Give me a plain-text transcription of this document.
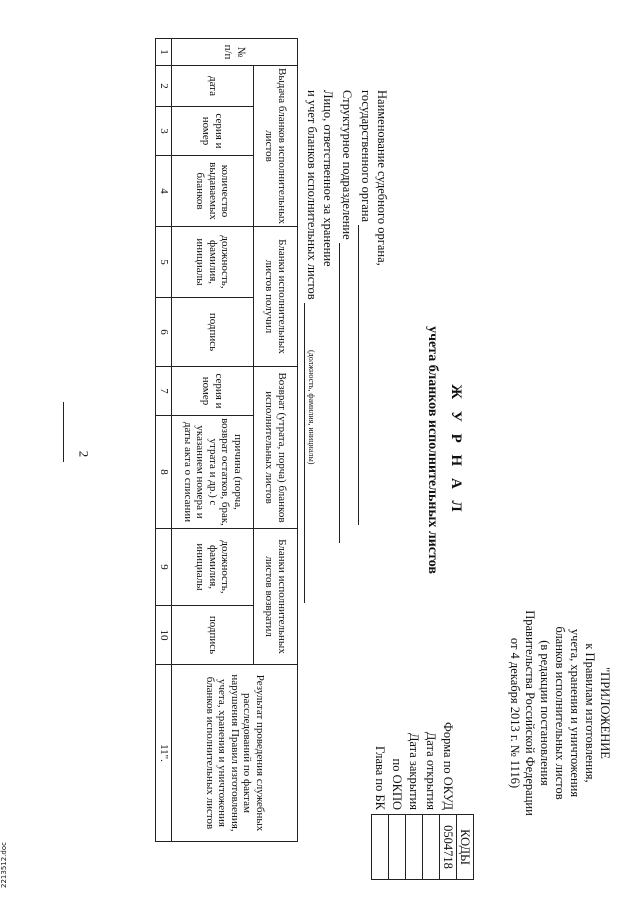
2
"ПРИЛОЖЕНИЕ
к Правилам изготовления,
учета, хранения и уничтожения
бланков исполнительных листов
(в редакции постановления
Правительства Российской Федерации
от 4 декабря 2013 г. № 1116)
	КОДЫ
Форма по ОКУД	0504718
Дата открытия	
Дата закрытия	
по ОКПО	
Глава по БК	
Ж У Р Н А Л
учета бланков исполнительных листов
Наименование судебного органа,
государственного органа
Структурное подразделение
Лицо, ответственное за хранение
и учет бланков исполнительных листов
(должность, фамилия, инициалы)
№ п/п	Выдача бланков исполнительных листов			Бланки исполнительных листов получил		Возврат (утрата, порча) бланков исполнительных листов		Бланки исполнительных листов возвратил		Результат проведения служебных расследований по фактам нарушения Правил изготовления, учета, хранения и уничтожения бланков исполнительных листов
	дата	серия и номер	количество выдаваемых бланков	должность, фамилия, инициалы	подпись	серия и номер	причина (порча, возврат остатков, брак, утрата и др.) с указанием номера и даты акта о списании	должность, фамилия, инициалы	подпись	
1	2	3	4	5	6	7	8	9	10	11".
2213512.doc
